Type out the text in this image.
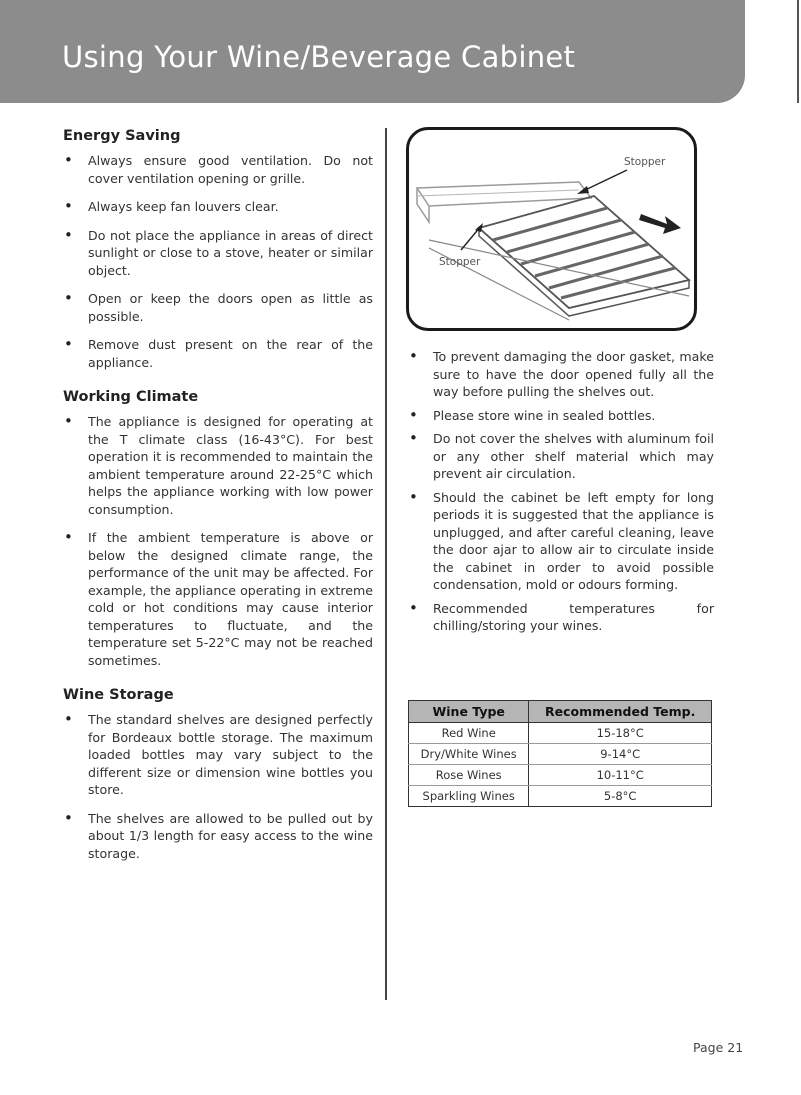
Using Your Wine/Beverage Cabinet
Energy Saving
• Always ensure good ventilation. Do not cover ventilation opening or grille.
• Always keep fan louvers clear.
• Do not place the appliance in areas of direct sunlight or close to a stove, heater or similar object.
• Open or keep the doors open as little as possible.
• Remove dust present on the rear of the appliance.
Working Climate
• The appliance is designed for operating at the T climate class (16-43°C). For best operation it is recommended to maintain the ambient temperature around 22-25°C which helps the appliance working with low power consumption.
• If the ambient temperature is above or below the designed climate range, the performance of the unit may be affected. For example, the appliance operating in extreme cold or hot conditions may cause interior temperatures to fluctuate, and the temperature set 5-22°C may not be reached sometimes.
Wine Storage
• The standard shelves are designed perfectly for Bordeaux bottle storage. The maximum loaded bottles may vary subject to the different size or dimension wine bottles you store.
• The shelves are allowed to be pulled out by about 1/3 length for easy access to the wine storage.
Stopper
Stopper
• To prevent damaging the door gasket, make sure to have the door opened fully all the way before pulling the shelves out.
• Please store wine in sealed bottles.
• Do not cover the shelves with aluminum foil or any other shelf material which may prevent air circulation.
• Should the cabinet be left empty for long periods it is suggested that the appliance is unplugged, and after careful cleaning, leave the door ajar to allow air to circulate inside the cabinet in order to avoid possible condensation, mold or odours forming.
• Recommended temperatures for chilling/storing your wines.
Wine Type	Recommended Temp.
Red Wine	15-18°C
Dry/White Wines	9-14°C
Rose Wines	10-11°C
Sparkling Wines	5-8°C
Page 21
